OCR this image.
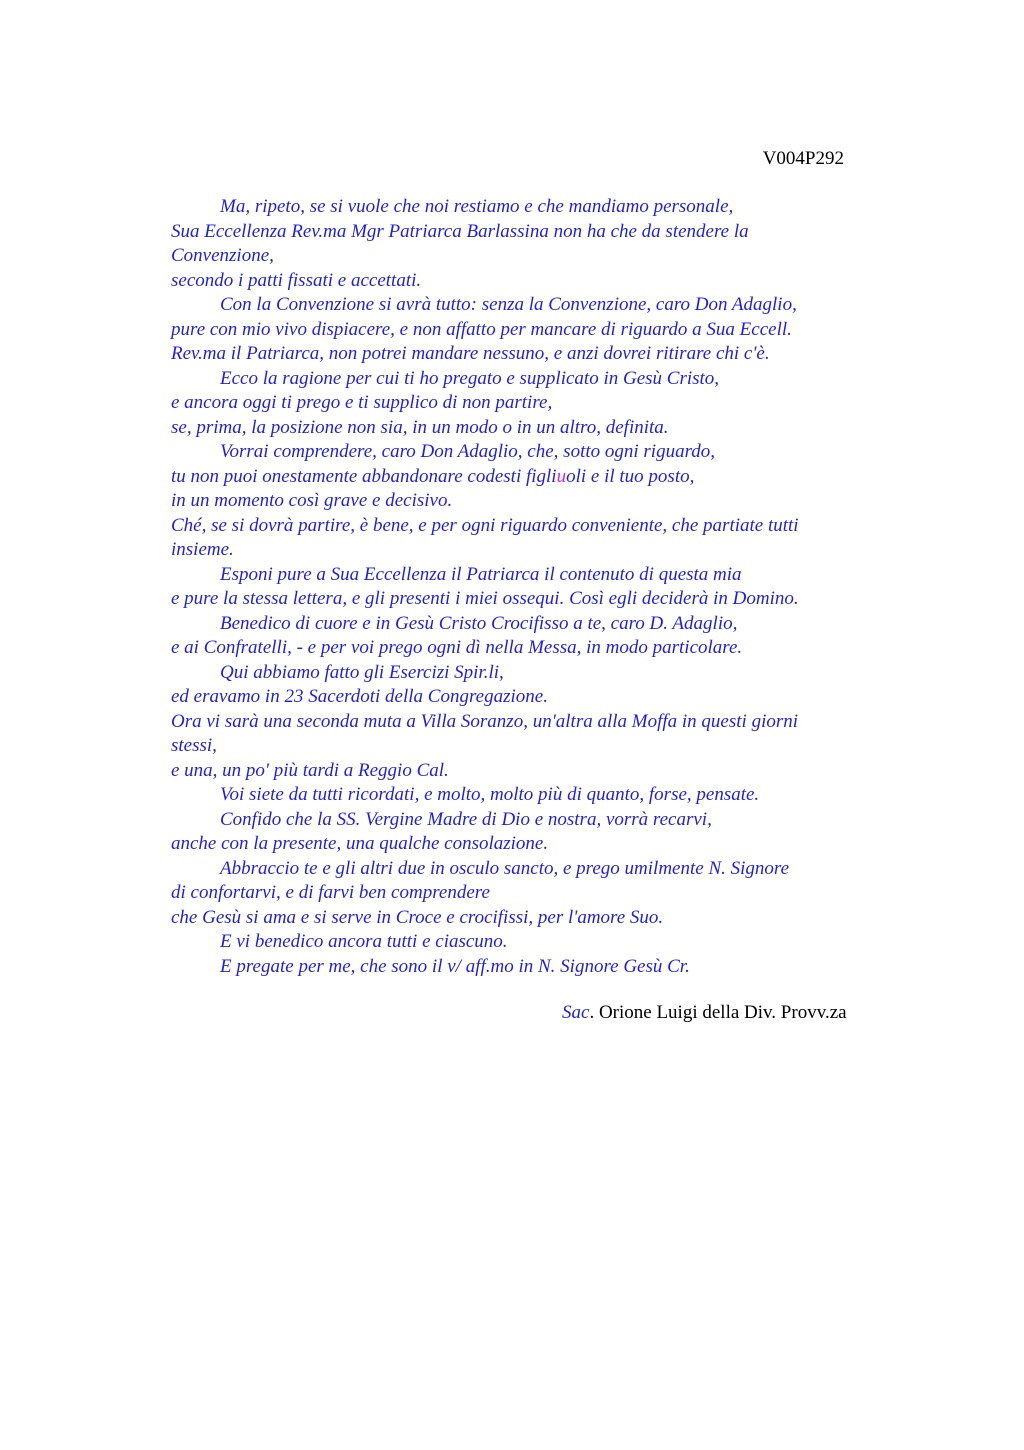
V004P292
Ma, ripeto, se si vuole che noi restiamo e che mandiamo personale,
Sua Eccellenza Rev.ma Mgr Patriarca Barlassina non ha che da stendere la
Convenzione,
secondo i patti fissati e accettati.
Con la Convenzione si avrà tutto: senza la Convenzione, caro Don Adaglio,
pure con mio vivo dispiacere, e non affatto per mancare di riguardo a Sua Eccell.
Rev.ma il Patriarca, non potrei mandare nessuno, e anzi dovrei ritirare chi c'è.
Ecco la ragione per cui ti ho pregato e supplicato in Gesù Cristo,
e ancora oggi ti prego e ti supplico di non partire,
se, prima, la posizione non sia, in un modo o in un altro, definita.
Vorrai comprendere, caro Don Adaglio, che, sotto ogni riguardo,
tu non puoi onestamente abbandonare codesti figliuoli e il tuo posto,
in un momento così grave e decisivo.
Ché, se si dovrà partire, è bene, e per ogni riguardo conveniente, che partiate tutti
insieme.
Esponi pure a Sua Eccellenza il Patriarca il contenuto di questa mia
e pure la stessa lettera, e gli presenti i miei ossequi. Così egli deciderà in Domino.
Benedico di cuore e in Gesù Cristo Crocifisso a te, caro D. Adaglio,
e ai Confratelli, - e per voi prego ogni dì nella Messa, in modo particolare.
Qui abbiamo fatto gli Esercizi Spir.li,
ed eravamo in 23 Sacerdoti della Congregazione.
Ora vi sarà una seconda muta a Villa Soranzo, un'altra alla Moffa in questi giorni
stessi,
e una, un po' più tardi a Reggio Cal.
Voi siete da tutti ricordati, e molto, molto più di quanto, forse, pensate.
Confido che la SS. Vergine Madre di Dio e nostra, vorrà recarvi,
anche con la presente, una qualche consolazione.
Abbraccio te e gli altri due in osculo sancto, e prego umilmente N. Signore
di confortarvi, e di farvi ben comprendere
che Gesù si ama e si serve in Croce e crocifissi, per l'amore Suo.
E vi benedico ancora tutti e ciascuno.
E pregate per me, che sono il v/ aff.mo in N. Signore Gesù Cr.
Sac. Orione Luigi della Div. Provv.za
